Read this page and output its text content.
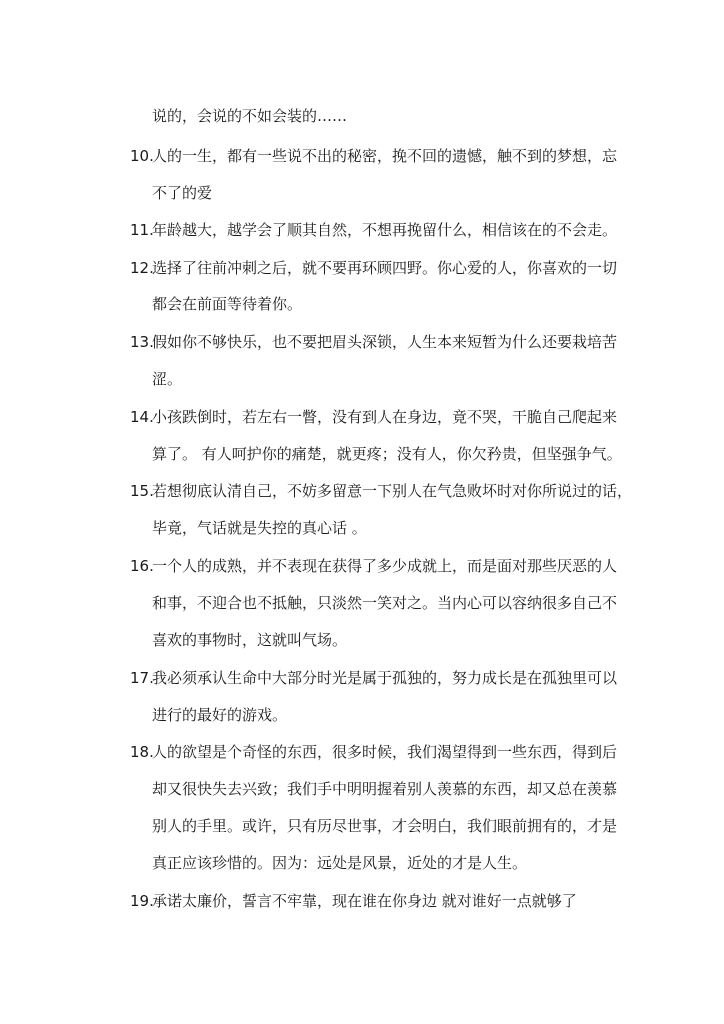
说的，会说的不如会装的……
10.
人的一生，都有一些说不出的秘密，挽不回的遗憾，触不到的梦想，忘
不了的爱
11.
年龄越大，越学会了顺其自然，不想再挽留什么，相信该在的不会走。
12.
选择了往前冲刺之后，就不要再环顾四野。你心爱的人，你喜欢的一切
都会在前面等待着你。
13.
假如你不够快乐，也不要把眉头深锁，人生本来短暂为什么还要栽培苦
涩。
14.
小孩跌倒时，若左右一瞥，没有到人在身边，竟不哭，干脆自己爬起来
算了。 有人呵护你的痛楚，就更疼；没有人，你欠矜贵，但坚强争气。
15.
若想彻底认清自己，不妨多留意一下别人在气急败坏时对你所说过的话，
毕竟，气话就是失控的真心话 。
16.
一个人的成熟，并不表现在获得了多少成就上，而是面对那些厌恶的人
和事，不迎合也不抵触，只淡然一笑对之。当内心可以容纳很多自己不
喜欢的事物时，这就叫气场。
17.
我必须承认生命中大部分时光是属于孤独的，努力成长是在孤独里可以
进行的最好的游戏。
18.
人的欲望是个奇怪的东西，很多时候，我们渴望得到一些东西，得到后
却又很快失去兴致；我们手中明明握着别人羡慕的东西，却又总在羡慕
别人的手里。或许，只有历尽世事，才会明白，我们眼前拥有的，才是
真正应该珍惜的。因为：远处是风景，近处的才是人生。
19.
承诺太廉价，誓言不牢靠，现在谁在你身边 就对谁好一点就够了
